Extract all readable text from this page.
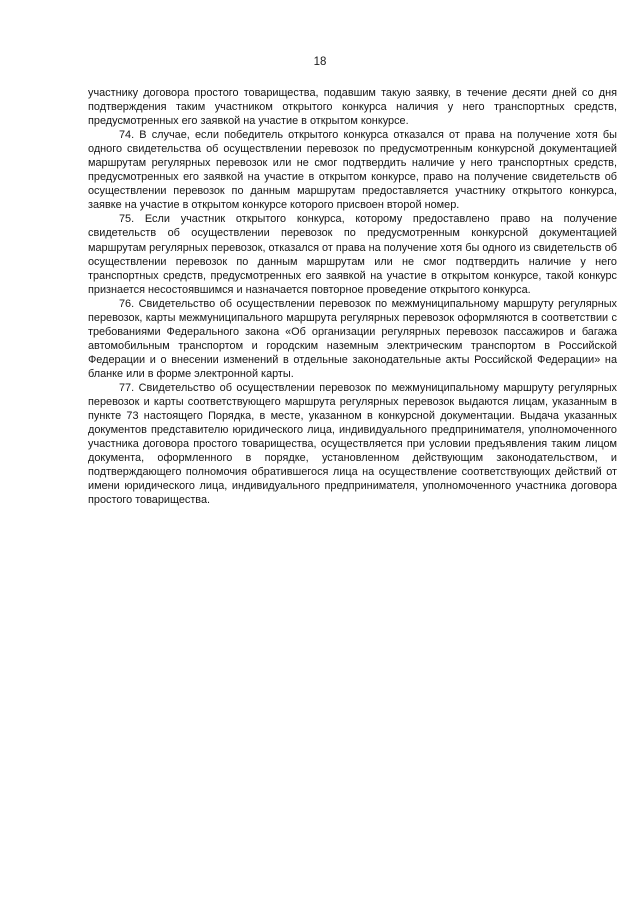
18

участнику договора простого товарищества, подавшим такую заявку, в течение десяти дней со дня подтверждения таким участником открытого конкурса наличия у него транспортных средств, предусмотренных его заявкой на участие в открытом конкурсе.

74. В случае, если победитель открытого конкурса отказался от права на получение хотя бы одного свидетельства об осуществлении перевозок по предусмотренным конкурсной документацией маршрутам регулярных перевозок или не смог подтвердить наличие у него транспортных средств, предусмотренных его заявкой на участие в открытом конкурсе, право на получение свидетельств об осуществлении перевозок по данным маршрутам предоставляется участнику открытого конкурса, заявке на участие в открытом конкурсе которого присвоен второй номер.

75. Если участник открытого конкурса, которому предоставлено право на получение свидетельств об осуществлении перевозок по предусмотренным конкурсной документацией маршрутам регулярных перевозок, отказался от права на получение хотя бы одного из свидетельств об осуществлении перевозок по данным маршрутам или не смог подтвердить наличие у него транспортных средств, предусмотренных его заявкой на участие в открытом конкурсе, такой конкурс признается несостоявшимся и назначается повторное проведение открытого конкурса.

76. Свидетельство об осуществлении перевозок по межмуниципальному маршруту регулярных перевозок, карты межмуниципального маршрута регулярных перевозок оформляются в соответствии с требованиями Федерального закона «Об организации регулярных перевозок пассажиров и багажа автомобильным транспортом и городским наземным электрическим транспортом в Российской Федерации и о внесении изменений в отдельные законодательные акты Российской Федерации» на бланке или в форме электронной карты.

77. Свидетельство об осуществлении перевозок по межмуниципальному маршруту регулярных перевозок и карты соответствующего маршрута регулярных перевозок выдаются лицам, указанным в пункте 73 настоящего Порядка, в месте, указанном в конкурсной документации. Выдача указанных документов представителю юридического лица, индивидуального предпринимателя, уполномоченного участника договора простого товарищества, осуществляется при условии предъявления таким лицом документа, оформленного в порядке, установленном действующим законодательством, и подтверждающего полномочия обратившегося лица на осуществление соответствующих действий от имени юридического лица, индивидуального предпринимателя, уполномоченного участника договора простого товарищества.
